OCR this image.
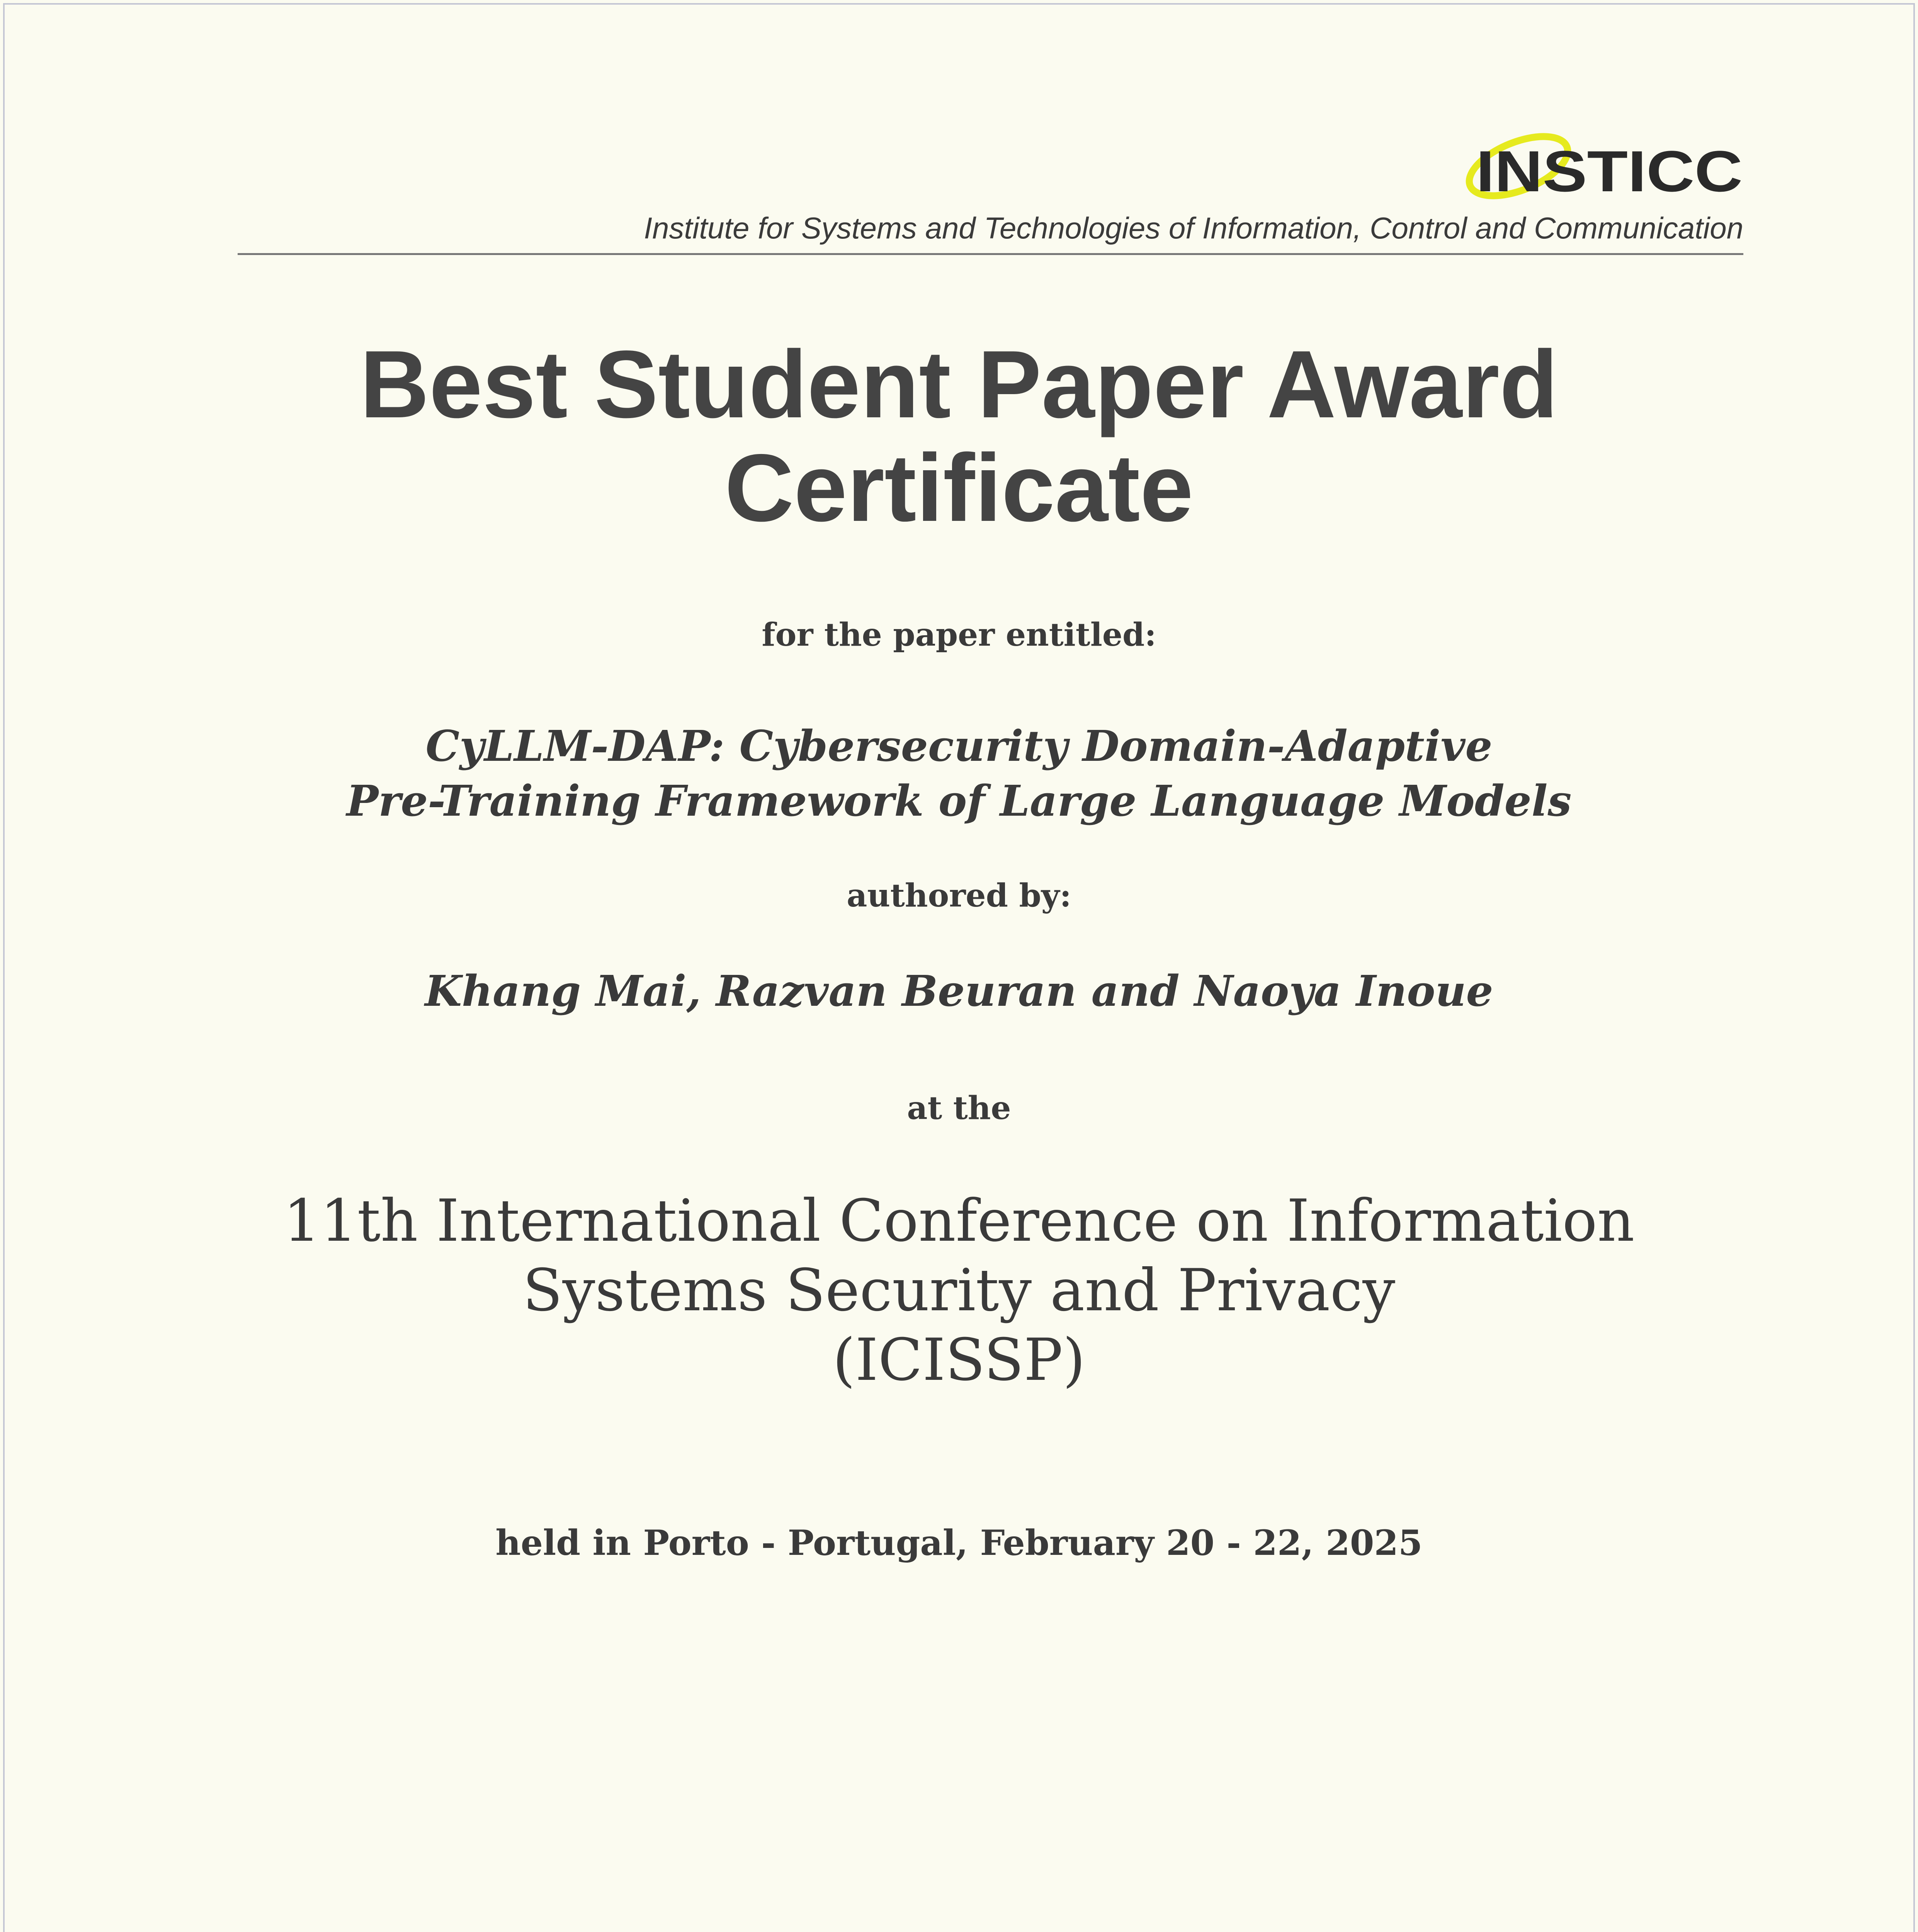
INSTICC
Institute for Systems and Technologies of Information, Control and Communication
Best Student Paper Award
Certificate

for the paper entitled:

CyLLM-DAP: Cybersecurity Domain-Adaptive
Pre-Training Framework of Large Language Models

authored by:

Khang Mai, Razvan Beuran and Naoya Inoue

at the

11th International Conference on Information
Systems Security and Privacy
(ICISSP)

held in Porto - Portugal, February 20 - 22, 2025
